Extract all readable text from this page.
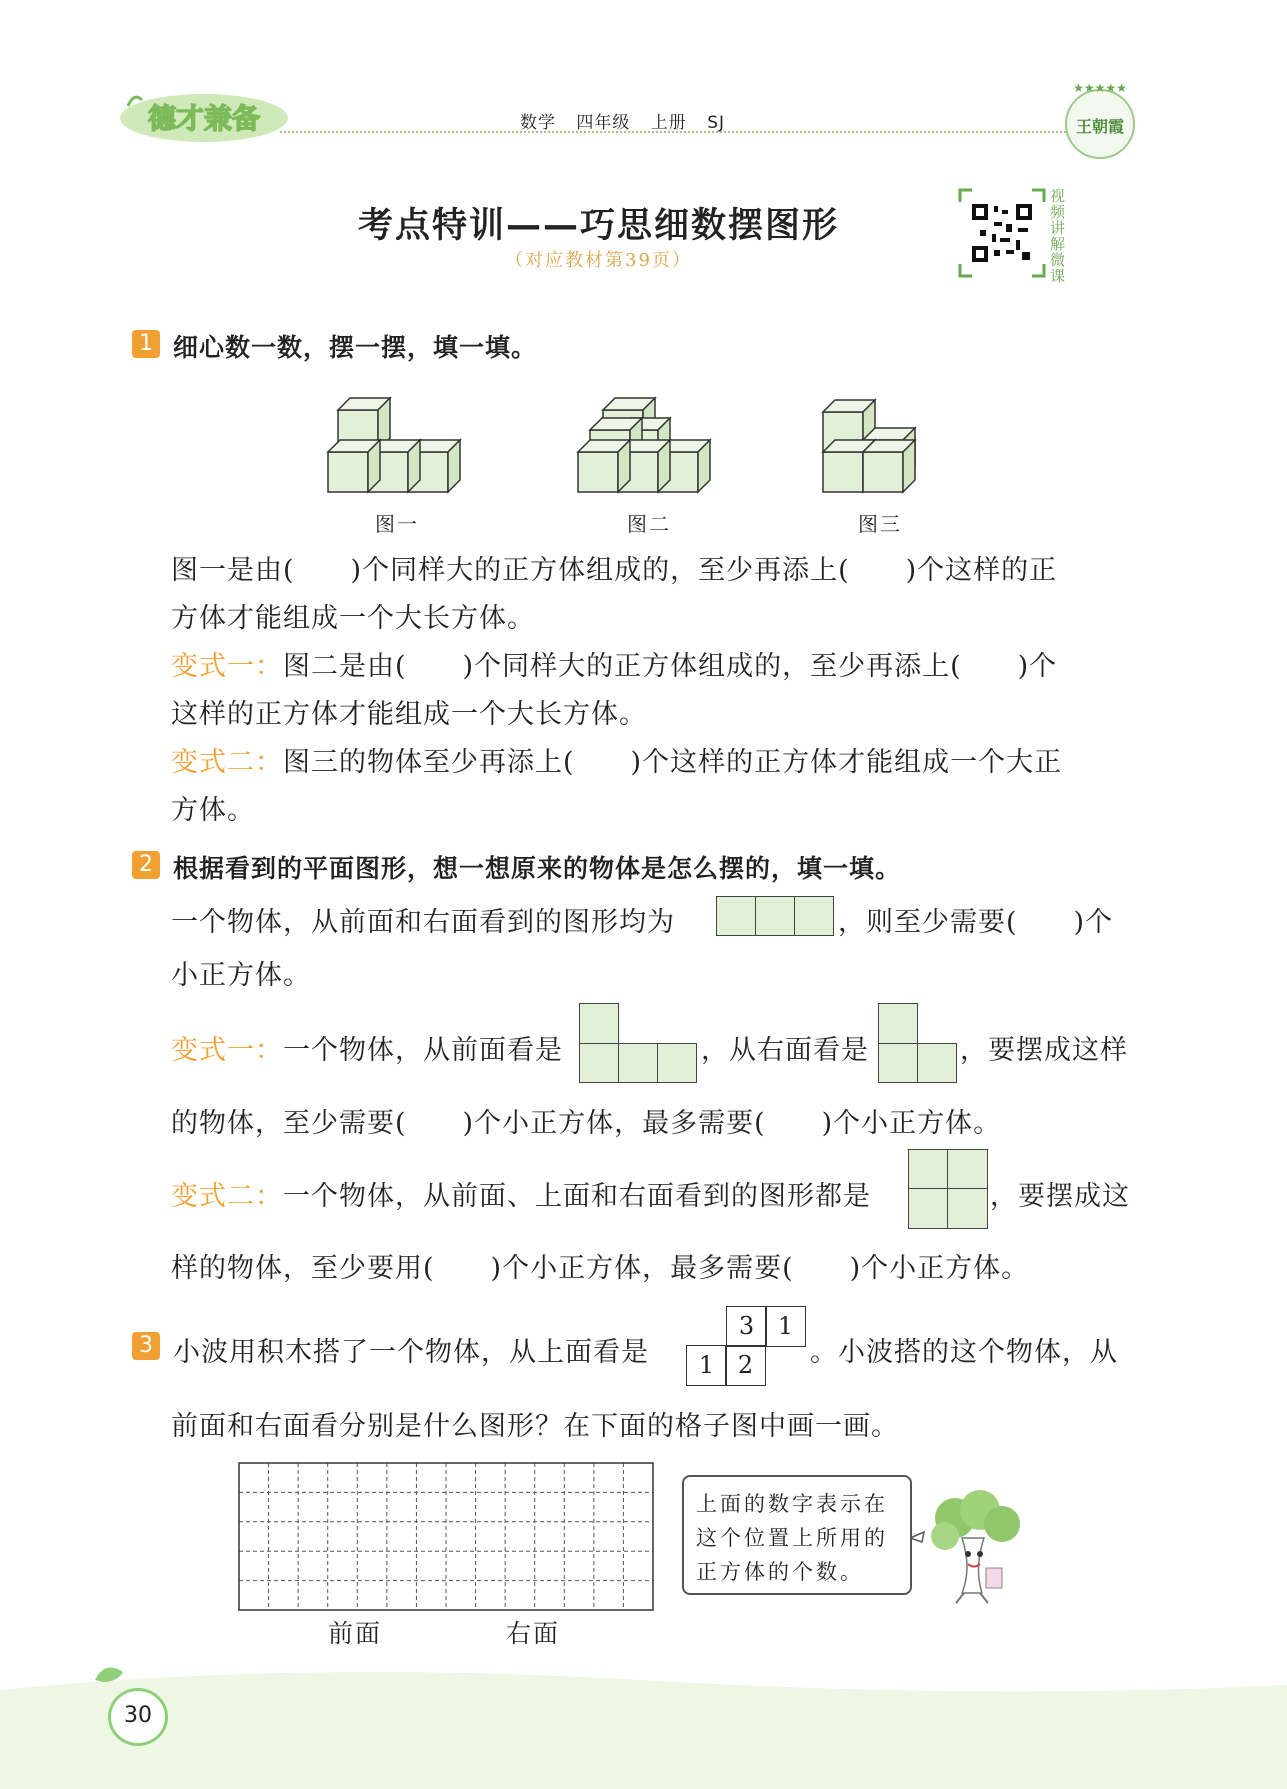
德才兼备	数学 四年级 上册 SJ
★★★★★
王朝霞
考点特训——巧思细数摆图形
（对应教材第39页）
视频讲解微课
1 细心数一数，摆一摆，填一填。
图一	图二	图三
图一是由(　　)个同样大的正方体组成的，至少再添上(　　)个这样的正
方体才能组成一个大长方体。
变式一：图二是由(　　)个同样大的正方体组成的，至少再添上(　　)个
这样的正方体才能组成一个大长方体。
变式二：图三的物体至少再添上(　　)个这样的正方体才能组成一个大正
方体。
2 根据看到的平面图形，想一想原来的物体是怎么摆的，填一填。
一个物体，从前面和右面看到的图形均为	，则至少需要(　　)个
小正方体。
变式一：一个物体，从前面看是	，从右面看是	，要摆成这样
的物体，至少需要(　　)个小正方体，最多需要(　　)个小正方体。
变式二：一个物体，从前面、上面和右面看到的图形都是	，要摆成这
样的物体，至少要用(　　)个小正方体，最多需要(　　)个小正方体。
3 小波用积木搭了一个物体，从上面看是
3 1
1 2	。小波搭的这个物体，从
前面和右面看分别是什么图形？在下面的格子图中画一画。
前面	右面
上面的数字表示在
这个位置上所用的
正方体的个数。
30
